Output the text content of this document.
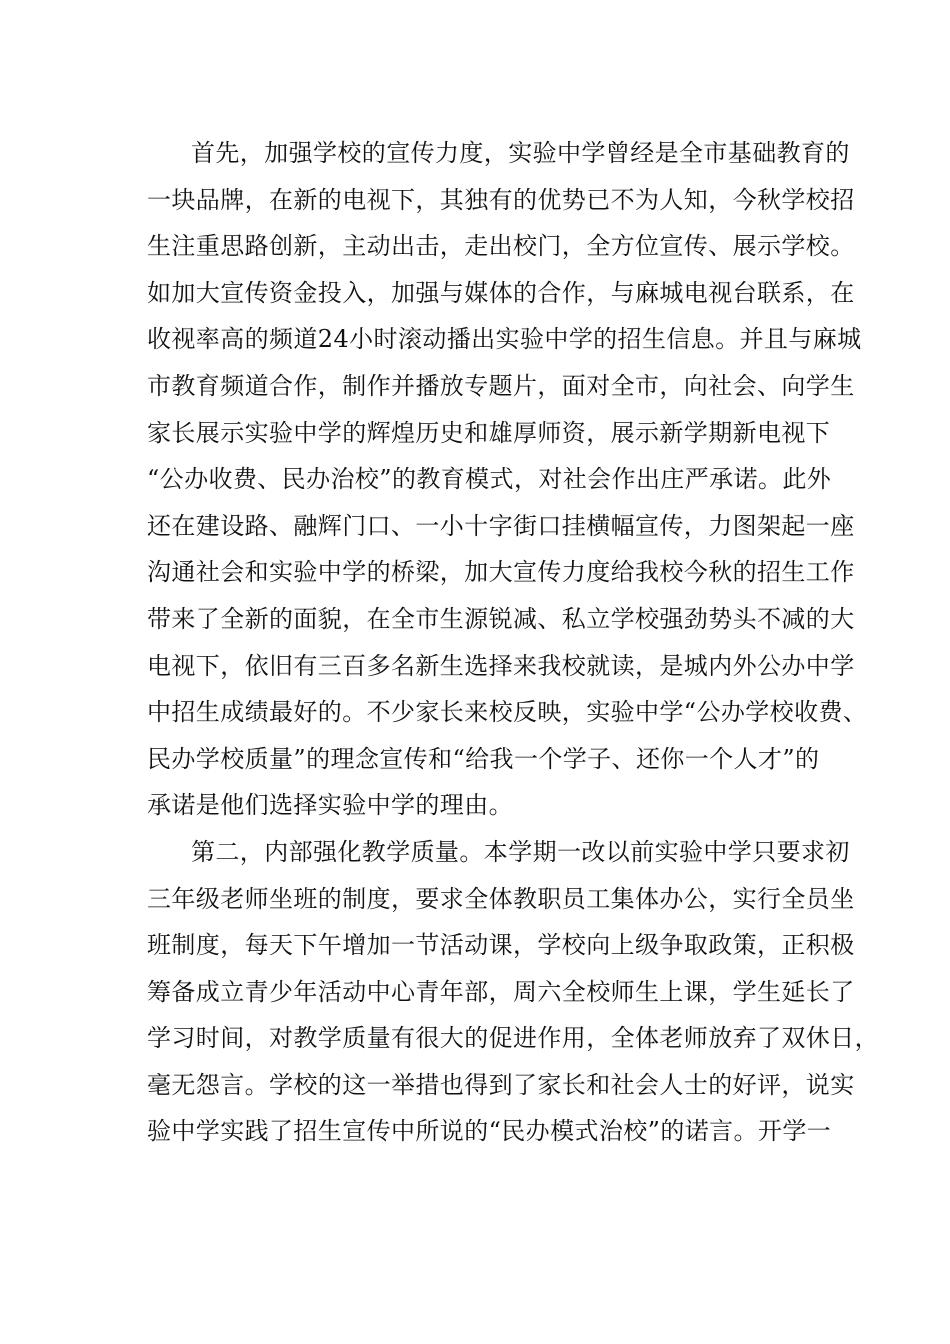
首先，加强学校的宣传力度，实验中学曾经是全市基础教育的
一块品牌，在新的电视下，其独有的优势已不为人知，今秋学校招
生注重思路创新，主动出击，走出校门，全方位宣传、展示学校。
如加大宣传资金投入，加强与媒体的合作，与麻城电视台联系，在
收视率高的频道24小时滚动播出实验中学的招生信息。并且与麻城
市教育频道合作，制作并播放专题片，面对全市，向社会、向学生
家长展示实验中学的辉煌历史和雄厚师资，展示新学期新电视下
“公办收费、民办治校”的教育模式，对社会作出庄严承诺。此外
还在建设路、融辉门口、一小十字街口挂横幅宣传，力图架起一座
沟通社会和实验中学的桥梁，加大宣传力度给我校今秋的招生工作
带来了全新的面貌，在全市生源锐减、私立学校强劲势头不减的大
电视下，依旧有三百多名新生选择来我校就读，是城内外公办中学
中招生成绩最好的。不少家长来校反映，实验中学“公办学校收费、
民办学校质量”的理念宣传和“给我一个学子、还你一个人才”的
承诺是他们选择实验中学的理由。
第二，内部强化教学质量。本学期一改以前实验中学只要求初
三年级老师坐班的制度，要求全体教职员工集体办公，实行全员坐
班制度，每天下午增加一节活动课，学校向上级争取政策，正积极
筹备成立青少年活动中心青年部，周六全校师生上课，学生延长了
学习时间，对教学质量有很大的促进作用，全体老师放弃了双休日，
毫无怨言。学校的这一举措也得到了家长和社会人士的好评，说实
验中学实践了招生宣传中所说的“民办模式治校”的诺言。开学一
